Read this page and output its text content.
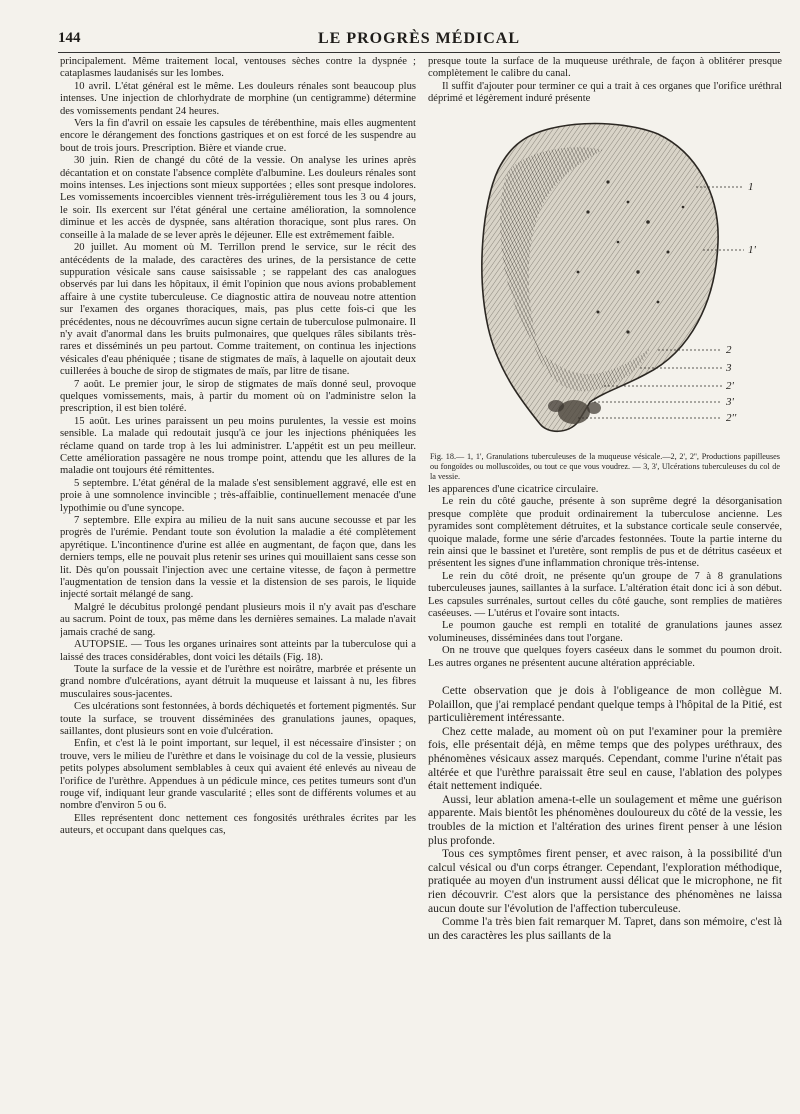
144	LE PROGRÈS MÉDICAL

principalement. Même traitement local, ventouses sèches contre la dyspnée ; cataplasmes laudanisés sur les lombes.

10 avril. L'état général est le même. Les douleurs rénales sont beaucoup plus intenses. Une injection de chlorhydrate de morphine (un centigramme) détermine des vomissements pendant 24 heures.

Vers la fin d'avril on essaie les capsules de térébenthine, mais elles augmentent encore le dérangement des fonctions gastriques et on est forcé de les suspendre au bout de trois jours. Prescription. Bière et viande crue.

30 juin. Rien de changé du côté de la vessie. On analyse les urines après décantation et on constate l'absence complète d'albumine. Les douleurs rénales sont moins intenses. Les injections sont mieux supportées ; elles sont presque indolores. Les vomissements incoercibles viennent très-irrégulièrement tous les 3 ou 4 jours, le soir. Ils exercent sur l'état général une certaine amélioration, la somnolence diminue et les accès de dyspnée, sans altération thoracique, sont plus rares. On conseille à la malade de se lever après le déjeuner. Elle est extrêmement faible.

20 juillet. Au moment où M. Terrillon prend le service, sur le récit des antécédents de la malade, des caractères des urines, de la persistance de cette suppuration vésicale sans cause saisissable ; se rappelant des cas analogues observés par lui dans les hôpitaux, il émit l'opinion que nous avions probablement affaire à une cystite tuberculeuse. Ce diagnostic attira de nouveau notre attention sur l'examen des organes thoraciques, mais, pas plus cette fois-ci que les précédentes, nous ne découvrîmes aucun signe certain de tuberculose pulmonaire. Il n'y avait d'anormal dans les bruits pulmonaires, que quelques râles sibilants très-rares et disséminés un peu partout. Comme traitement, on continua les injections vésicales d'eau phéniquée ; tisane de stigmates de maïs, à laquelle on ajoutait deux cuillerées à bouche de sirop de stigmates de maïs, par litre de tisane.

7 août. Le premier jour, le sirop de stigmates de maïs donné seul, provoque quelques vomissements, mais, à partir du moment où on l'administre selon la prescription, il est bien toléré.

15 août. Les urines paraissent un peu moins purulentes, la vessie est moins sensible. La malade qui redoutait jusqu'à ce jour les injections phéniquées les réclame quand on tarde trop à les lui administrer. L'appétit est un peu meilleur. Cette amélioration passagère ne nous trompe point, attendu que les allures de la maladie ont toujours été rémittentes.

5 septembre. L'état général de la malade s'est sensiblement aggravé, elle est en proie à une somnolence invincible ; très-affaiblie, continuellement menacée d'une lypothimie ou d'une syncope.

7 septembre. Elle expira au milieu de la nuit sans aucune secousse et par les progrès de l'urémie. Pendant toute son évolution la maladie a été complètement apyrétique. L'incontinence d'urine est allée en augmentant, de façon que, dans les derniers temps, elle ne pouvait plus retenir ses urines qui mouillaient sans cesse son lit. Dès qu'on poussait l'injection avec une certaine vitesse, de façon à permettre l'augmentation de tension dans la vessie et la distension de ses parois, le liquide injecté sortait mélangé de sang.

Malgré le décubitus prolongé pendant plusieurs mois il n'y avait pas d'eschare au sacrum. Point de toux, pas même dans les dernières semaines. La malade n'avait jamais craché de sang.

AUTOPSIE. — Tous les organes urinaires sont atteints par la tuberculose qui a laissé des traces considérables, dont voici les détails (Fig. 18).

Toute la surface de la vessie et de l'urèthre est noirâtre, marbrée et présente un grand nombre d'ulcérations, ayant détruit la muqueuse et laissant à nu, les fibres musculaires sous-jacentes.

Ces ulcérations sont festonnées, à bords déchiquetés et fortement pigmentés. Sur toute la surface, se trouvent disséminées des granulations jaunes, opaques, saillantes, dont plusieurs sont en voie d'ulcération.

Enfin, et c'est là le point important, sur lequel, il est nécessaire d'insister ; on trouve, vers le milieu de l'urèthre et dans le voisinage du col de la vessie, plusieurs petits polypes absolument semblables à ceux qui avaient été enlevés au niveau de l'orifice de l'urèthre. Appendues à un pédicule mince, ces petites tumeurs sont d'un rouge vif, indiquant leur grande vascularité ; elles sont de différents volumes et au nombre d'environ 5 ou 6.

Elles représentent donc nettement ces fongosités uréthrales écrites par les auteurs, et occupant dans quelques cas,

presque toute la surface de la muqueuse uréthrale, de façon à oblitérer presque complètement le calibre du canal.

Il suffit d'ajouter pour terminer ce qui a trait à ces organes que l'orifice uréthral déprimé et légèrement induré présente

1
1'
2
3
2'
3'
2''
Fig. 18.— 1, 1', Granulations tuberculeuses de la muqueuse vésicale.—2, 2', 2'', Productions papilleuses ou fongoïdes ou molluscoïdes, ou tout ce que vous voudrez. — 3, 3', Ulcérations tuberculeuses du col de la vessie.

les apparences d'une cicatrice circulaire.

Le rein du côté gauche, présente à son suprême degré la désorganisation presque complète que produit ordinairement la tuberculose ancienne. Les pyramides sont complètement détruites, et la substance corticale seule conservée, quoique malade, forme une série d'arcades festonnées. Toute la partie interne du rein ainsi que le bassinet et l'uretère, sont remplis de pus et de détritus caséeux et présentent les signes d'une inflammation chronique très-intense.

Le rein du côté droit, ne présente qu'un groupe de 7 à 8 granulations tuberculeuses jaunes, saillantes à la surface. L'altération était donc ici à son début. Les capsules surrénales, surtout celles du côté gauche, sont remplies de matières caséeuses. — L'utérus et l'ovaire sont intacts.

Le poumon gauche est rempli en totalité de granulations jaunes assez volumineuses, disséminées dans tout l'organe.

On ne trouve que quelques foyers caséeux dans le sommet du poumon droit. Les autres organes ne présentent aucune altération appréciable.

Cette observation que je dois à l'obligeance de mon collègue M. Polaillon, que j'ai remplacé pendant quelque temps à l'hôpital de la Pitié, est particulièrement intéressante.

Chez cette malade, au moment où on put l'examiner pour la première fois, elle présentait déjà, en même temps que des polypes uréthraux, des phénomènes vésicaux assez marqués. Cependant, comme l'urine n'était pas altérée et que l'urèthre paraissait être seul en cause, l'ablation des polypes était nettement indiquée.

Aussi, leur ablation amena-t-elle un soulagement et même une guérison apparente. Mais bientôt les phénomènes douloureux du côté de la vessie, les troubles de la miction et l'altération des urines firent penser à une lésion plus profonde.

Tous ces symptômes firent penser, et avec raison, à la possibilité d'un calcul vésical ou d'un corps étranger. Cependant, l'exploration méthodique, pratiquée au moyen d'un instrument aussi délicat que le microphone, ne fit rien découvrir. C'est alors que la persistance des phénomènes ne laissa aucun doute sur l'évolution de l'affection tuberculeuse.

Comme l'a très bien fait remarquer M. Tapret, dans son mémoire, c'est là un des caractères les plus saillants de la
